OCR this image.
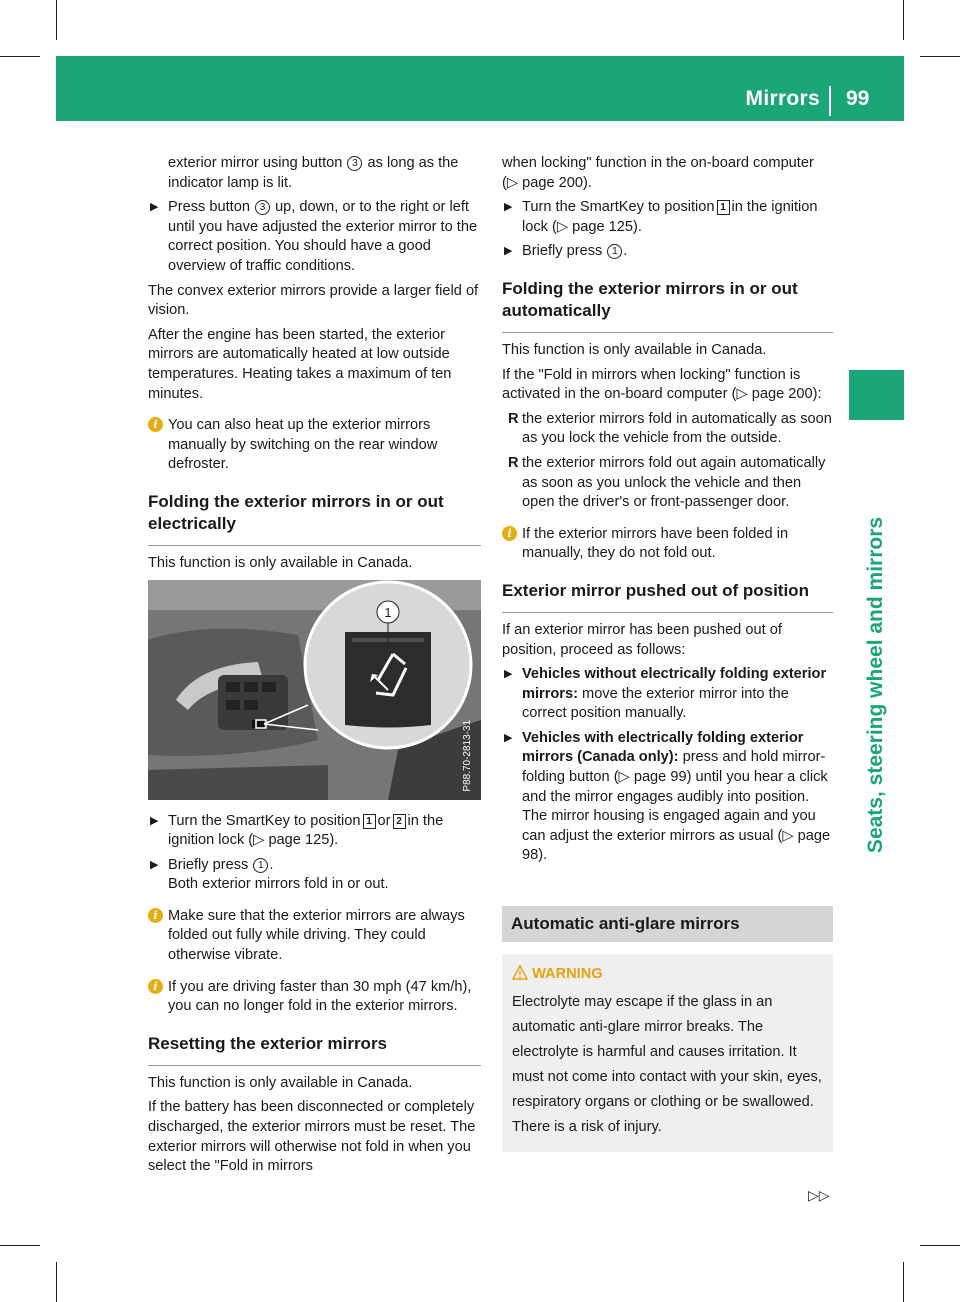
Mirrors 99
Seats, steering wheel and mirrors

exterior mirror using button 3 as long as the indicator lamp is lit.

▶ Press button 3 up, down, or to the right or left until you have adjusted the exterior mirror to the correct position. You should have a good overview of traffic conditions.

The convex exterior mirrors provide a larger field of vision.

After the engine has been started, the exterior mirrors are automatically heated at low outside temperatures. Heating takes a maximum of ten minutes.

i You can also heat up the exterior mirrors manually by switching on the rear window defroster.
Folding the exterior mirrors in or out electrically

This function is only available in Canada.

1
P88.70-2813-31
▶ Turn the SmartKey to position 1 or 2 in the ignition lock (▷ page 125).
▶ Briefly press 1 .
Both exterior mirrors fold in or out.
i Make sure that the exterior mirrors are always folded out fully while driving. They could otherwise vibrate.
i If you are driving faster than 30 mph (47 km/h), you can no longer fold in the exterior mirrors.
Resetting the exterior mirrors

This function is only available in Canada.

If the battery has been disconnected or completely discharged, the exterior mirrors must be reset. The exterior mirrors will otherwise not fold in when you select the "Fold in mirrors

when locking" function in the on-board computer (▷ page 200).

▶ Turn the SmartKey to position 1 in the ignition lock (▷ page 125).
▶ Briefly press 1 .
Folding the exterior mirrors in or out automatically

This function is only available in Canada.

If the "Fold in mirrors when locking" function is activated in the on-board computer (▷ page 200):

R the exterior mirrors fold in automatically as soon as you lock the vehicle from the outside.
R the exterior mirrors fold out again automatically as soon as you unlock the vehicle and then open the driver's or front-passenger door.
i If the exterior mirrors have been folded in manually, they do not fold out.
Exterior mirror pushed out of position

If an exterior mirror has been pushed out of position, proceed as follows:

▶ Vehicles without electrically folding exterior mirrors: move the exterior mirror into the correct position manually.
▶ Vehicles with electrically folding exterior mirrors (Canada only): press and hold mirror-folding button (▷ page 99) until you hear a click and the mirror engages audibly into position.
The mirror housing is engaged again and you can adjust the exterior mirrors as usual (▷ page 98).
Automatic anti-glare mirrors
WARNING
Electrolyte may escape if the glass in an automatic anti-glare mirror breaks. The electrolyte is harmful and causes irritation. It must not come into contact with your skin, eyes, respiratory organs or clothing or be swallowed. There is a risk of injury.
▷▷
